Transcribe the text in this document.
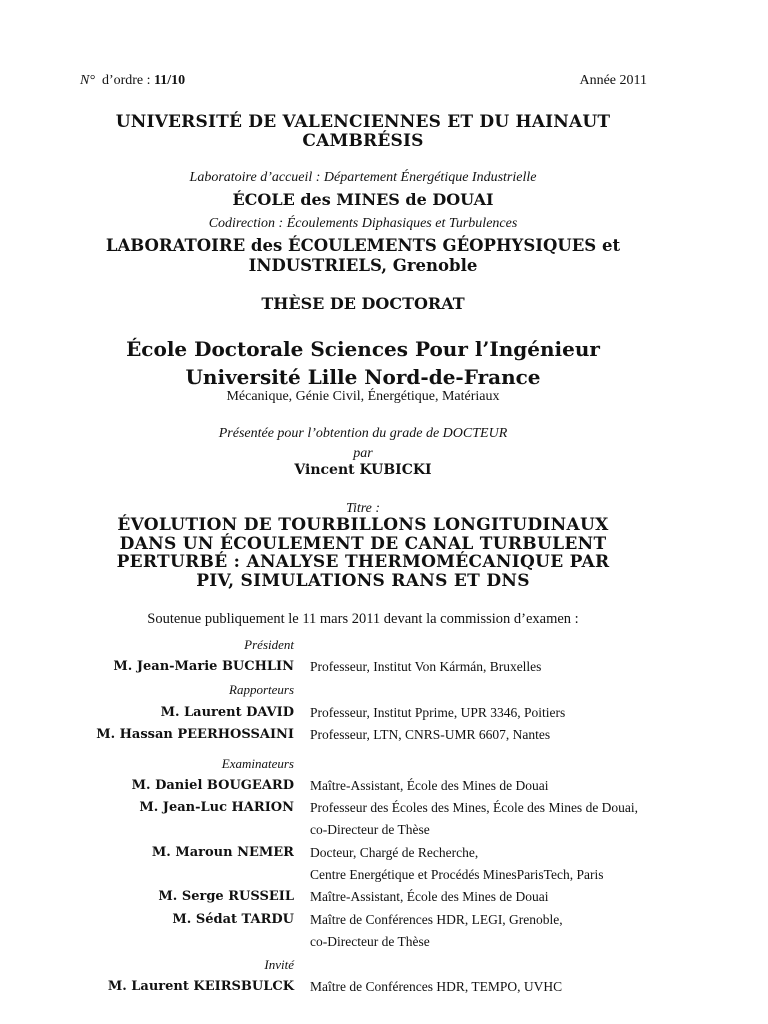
N° d’ordre : 11/10	Année 2011
UNIVERSITÉ DE VALENCIENNES ET DU HAINAUT
CAMBRÉSIS
Laboratoire d’accueil : Département Énergétique Industrielle
ÉCOLE des MINES de DOUAI
Codirection : Écoulements Diphasiques et Turbulences
LABORATOIRE des ÉCOULEMENTS GÉOPHYSIQUES et
INDUSTRIELS, Grenoble
THÈSE DE DOCTORAT
École Doctorale Sciences Pour l’Ingénieur
Université Lille Nord-de-France
Mécanique, Génie Civil, Énergétique, Matériaux
Présentée pour l’obtention du grade de DOCTEUR
par
Vincent KUBICKI
Titre :
ÉVOLUTION DE TOURBILLONS LONGITUDINAUX
DANS UN ÉCOULEMENT DE CANAL TURBULENT
PERTURBÉ : ANALYSE THERMOMÉCANIQUE PAR
PIV, SIMULATIONS RANS ET DNS
Soutenue publiquement le 11 mars 2011 devant la commission d’examen :
Président
M. Jean-Marie BUCHLIN Professeur, Institut Von Kármán, Bruxelles
Rapporteurs
M. Laurent DAVID Professeur, Institut Pprime, UPR 3346, Poitiers
M. Hassan PEERHOSSAINI Professeur, LTN, CNRS-UMR 6607, Nantes
Examinateurs
M. Daniel BOUGEARD Maître-Assistant, École des Mines de Douai
M. Jean-Luc HARION Professeur des Écoles des Mines, École des Mines de Douai,
co-Directeur de Thèse
M. Maroun NEMER Docteur, Chargé de Recherche,
Centre Energétique et Procédés MinesParisTech, Paris
M. Serge RUSSEIL Maître-Assistant, École des Mines de Douai
M. Sédat TARDU Maître de Conférences HDR, LEGI, Grenoble,
co-Directeur de Thèse
Invité
M. Laurent KEIRSBULCK Maître de Conférences HDR, TEMPO, UVHC
